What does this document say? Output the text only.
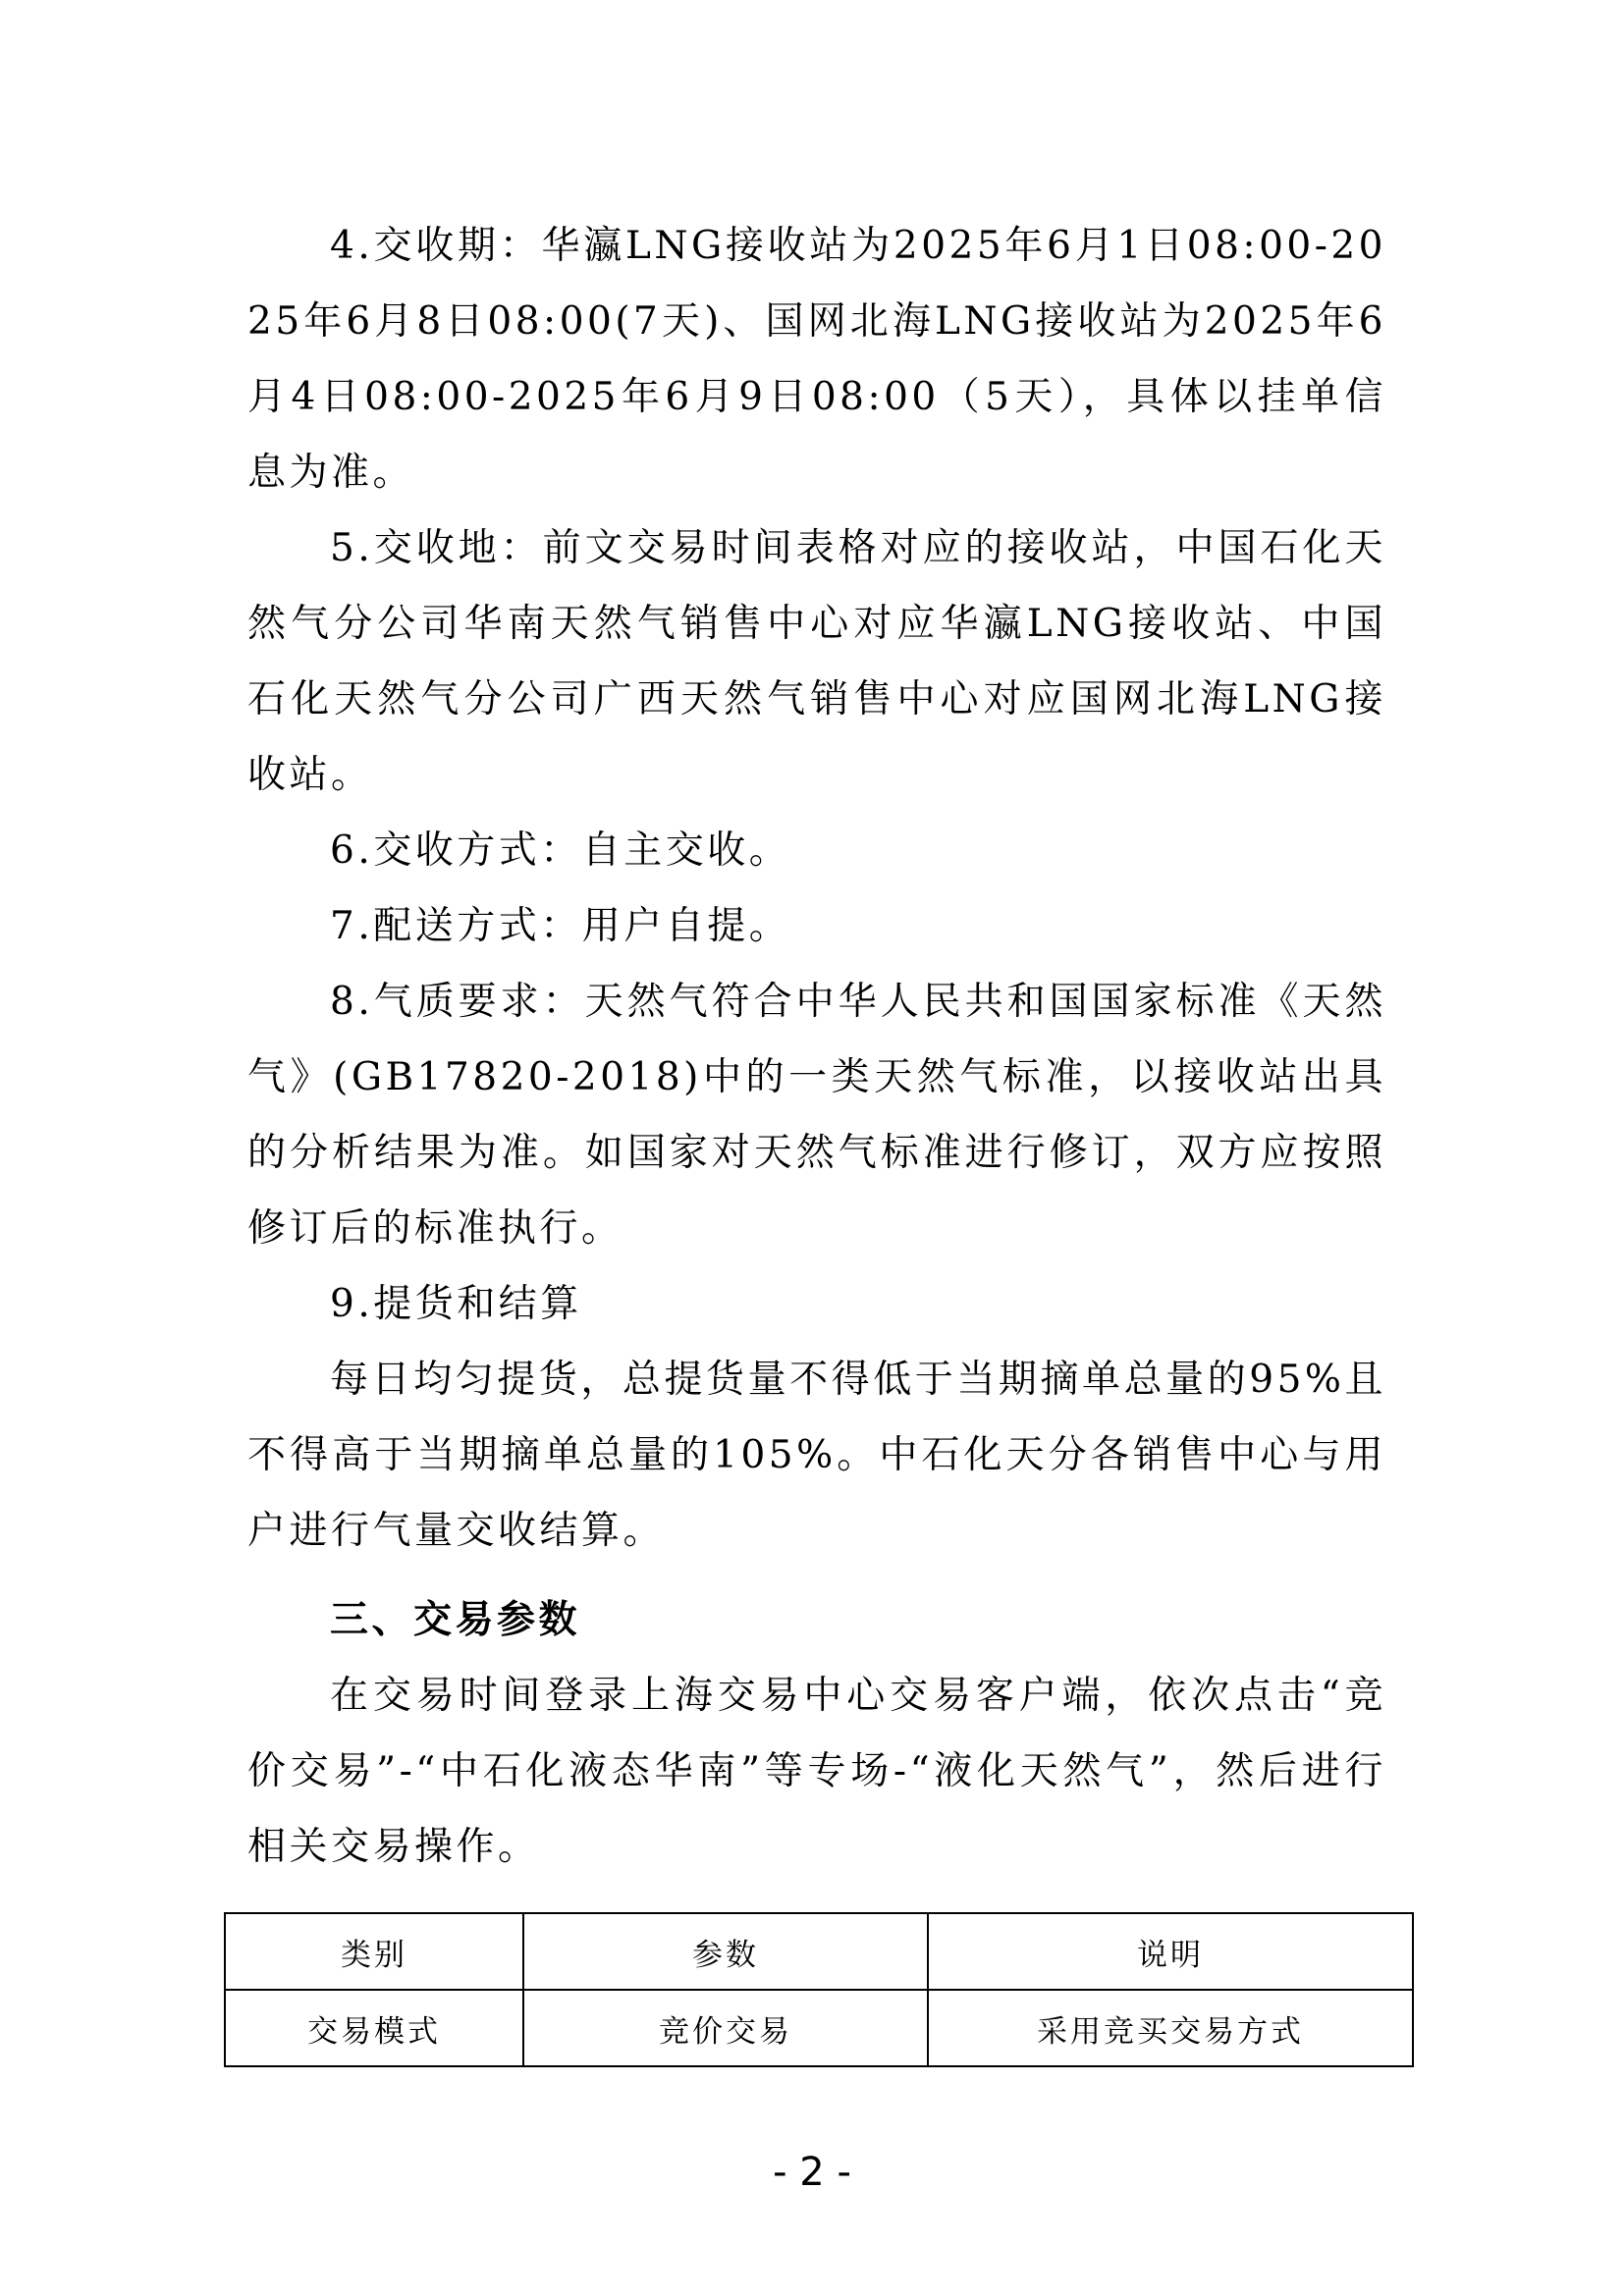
4.交收期：华瀛LNG接收站为2025年6月1日08:00-2025年6月8日08:00(7天)、国网北海LNG接收站为2025年6月4日08:00-2025年6月9日08:00（5天），具体以挂单信息为准。

5.交收地：前文交易时间表格对应的接收站，中国石化天然气分公司华南天然气销售中心对应华瀛LNG接收站、中国石化天然气分公司广西天然气销售中心对应国网北海LNG接收站。

6.交收方式：自主交收。

7.配送方式：用户自提。

8.气质要求：天然气符合中华人民共和国国家标准《天然气》(GB17820-2018)中的一类天然气标准，以接收站出具的分析结果为准。如国家对天然气标准进行修订，双方应按照修订后的标准执行。

9.提货和结算

每日均匀提货，总提货量不得低于当期摘单总量的95%且不得高于当期摘单总量的105%。中石化天分各销售中心与用户进行气量交收结算。

三、交易参数

在交易时间登录上海交易中心交易客户端，依次点击“竞价交易”-“中石化液态华南”等专场-“液化天然气”，然后进行相关交易操作。

类别	参数	说明
交易模式	竞价交易	采用竞买交易方式
- 2 -
